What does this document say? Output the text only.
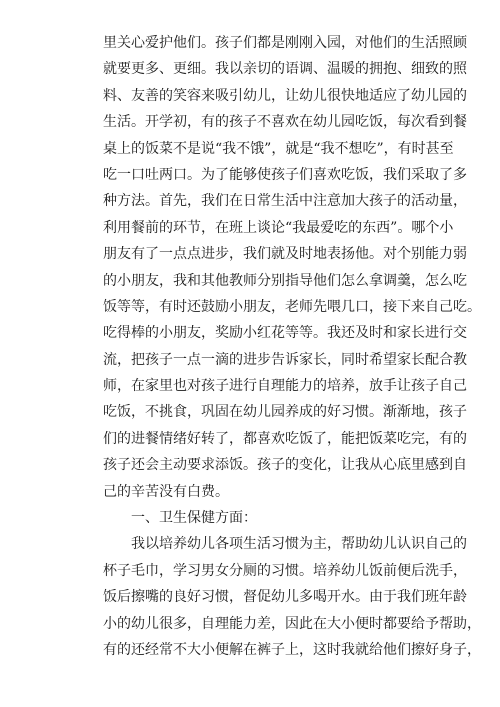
里关心爱护他们。孩子们都是刚刚入园，对他们的生活照顾
就要更多、更细。我以亲切的语调、温暖的拥抱、细致的照
料、友善的笑容来吸引幼儿，让幼儿很快地适应了幼儿园的
生活。开学初，有的孩子不喜欢在幼儿园吃饭，每次看到餐
桌上的饭菜不是说“我不饿”，就是“我不想吃”，有时甚至
吃一口吐两口。为了能够使孩子们喜欢吃饭，我们采取了多
种方法。首先，我们在日常生活中注意加大孩子的活动量，
利用餐前的环节，在班上谈论“我最爱吃的东西”。哪个小
朋友有了一点点进步，我们就及时地表扬他。对个别能力弱
的小朋友，我和其他教师分别指导他们怎么拿调羹，怎么吃
饭等等，有时还鼓励小朋友，老师先喂几口，接下来自己吃。
吃得棒的小朋友，奖励小红花等等。我还及时和家长进行交
流，把孩子一点一滴的进步告诉家长，同时希望家长配合教
师，在家里也对孩子进行自理能力的培养，放手让孩子自己
吃饭，不挑食，巩固在幼儿园养成的好习惯。渐渐地，孩子
们的进餐情绪好转了，都喜欢吃饭了，能把饭菜吃完，有的
孩子还会主动要求添饭。孩子的变化，让我从心底里感到自
己的辛苦没有白费。
一、卫生保健方面：
我以培养幼儿各项生活习惯为主，帮助幼儿认识自己的
杯子毛巾，学习男女分厕的习惯。培养幼儿饭前便后洗手，
饭后擦嘴的良好习惯，督促幼儿多喝开水。由于我们班年龄
小的幼儿很多，自理能力差，因此在大小便时都要给予帮助，
有的还经常不大小便解在裤子上，这时我就给他们擦好身子，
